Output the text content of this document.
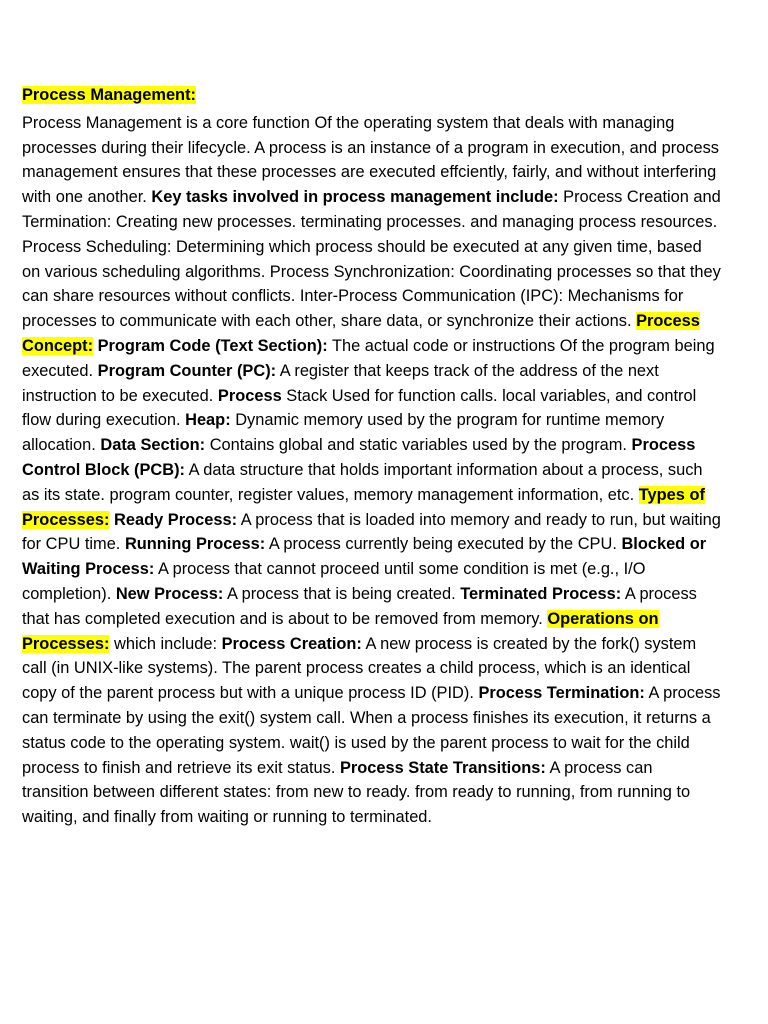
Process Management:

Process Management is a core function Of the operating system that deals with managing processes during their lifecycle. A process is an instance of a program in execution, and process management ensures that these processes are executed effciently, fairly, and without interfering with one another. Key tasks involved in process management include: Process Creation and Termination: Creating new processes. terminating processes. and managing process resources. Process Scheduling: Determining which process should be executed at any given time, based on various scheduling algorithms. Process Synchronization: Coordinating processes so that they can share resources without conflicts. Inter-Process Communication (IPC): Mechanisms for processes to communicate with each other, share data, or synchronize their actions. Process Concept: Program Code (Text Section): The actual code or instructions Of the program being executed. Program Counter (PC): A register that keeps track of the address of the next instruction to be executed. Process Stack Used for function calls. local variables, and control flow during execution. Heap: Dynamic memory used by the program for runtime memory allocation. Data Section: Contains global and static variables used by the program. Process Control Block (PCB): A data structure that holds important information about a process, such as its state. program counter, register values, memory management information, etc. Types of Processes: Ready Process: A process that is loaded into memory and ready to run, but waiting for CPU time. Running Process: A process currently being executed by the CPU. Blocked or Waiting Process: A process that cannot proceed until some condition is met (e.g., I/O completion). New Process: A process that is being created. Terminated Process: A process that has completed execution and is about to be removed from memory. Operations on Processes: which include: Process Creation: A new process is created by the fork() system call (in UNIX-like systems). The parent process creates a child process, which is an identical copy of the parent process but with a unique process ID (PID). Process Termination: A process can terminate by using the exit() system call. When a process finishes its execution, it returns a status code to the operating system. wait() is used by the parent process to wait for the child process to finish and retrieve its exit status. Process State Transitions: A process can transition between different states: from new to ready. from ready to running, from running to waiting, and finally from waiting or running to terminated.
